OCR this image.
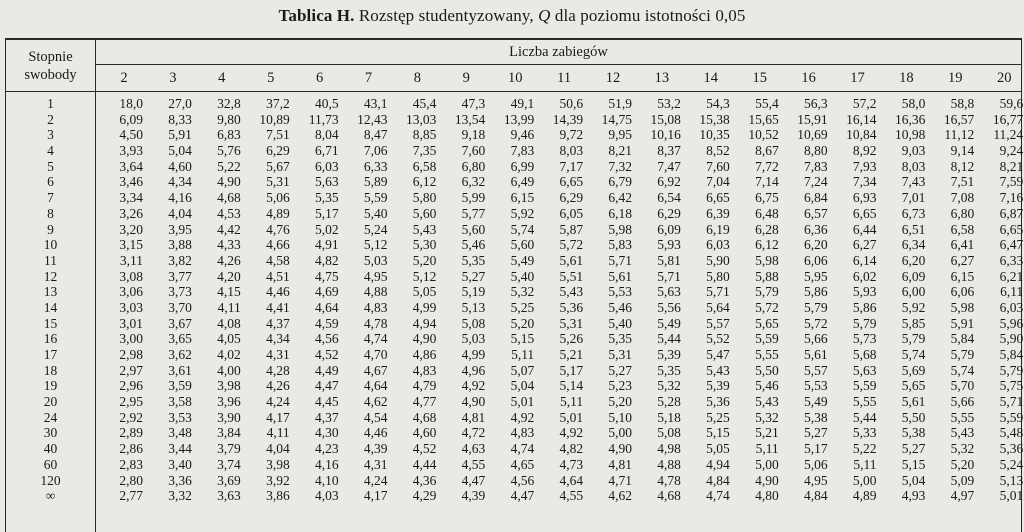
Tablica H. Rozstęp studentyzowany, Q dla poziomu istotności 0,05
Stopnie
swobody
Liczba zabiegów
2	3	4	5	6	7	8	9	10 11 12 13 14 15 16 17 18 19 20
1	18,0	27,0	32,8	37,2	40,5	43,1	45,4	47,3	49,1	50,6	51,9	53,2	54,3	55,4	56,3	57,2	58,0	58,8	59,6
2	6,09	8,33	9,80	10,89	11,73	12,43	13,03	13,54	13,99	14,39	14,75	15,08	15,38	15,65	15,91	16,14	16,36	16,57	16,77
3	4,50	5,91	6,83	7,51	8,04	8,47	8,85	9,18	9,46	9,72	9,95	10,16	10,35	10,52	10,69	10,84	10,98	11,12	11,24
4	3,93	5,04	5,76	6,29	6,71	7,06	7,35	7,60	7,83	8,03	8,21	8,37	8,52	8,67	8,80	8,92	9,03	9,14	9,24
5	3,64	4,60	5,22	5,67	6,03	6,33	6,58	6,80	6,99	7,17	7,32	7,47	7,60	7,72	7,83	7,93	8,03	8,12	8,21
6	3,46	4,34	4,90	5,31	5,63	5,89	6,12	6,32	6,49	6,65	6,79	6,92	7,04	7,14	7,24	7,34	7,43	7,51	7,59
7	3,34	4,16	4,68	5,06	5,35	5,59	5,80	5,99	6,15	6,29	6,42	6,54	6,65	6,75	6,84	6,93	7,01	7,08	7,16
8	3,26	4,04	4,53	4,89	5,17	5,40	5,60	5,77	5,92	6,05	6,18	6,29	6,39	6,48	6,57	6,65	6,73	6,80	6,87
9	3,20	3,95	4,42	4,76	5,02	5,24	5,43	5,60	5,74	5,87	5,98	6,09	6,19	6,28	6,36	6,44	6,51	6,58	6,65
10	3,15	3,88	4,33	4,66	4,91	5,12	5,30	5,46	5,60	5,72	5,83	5,93	6,03	6,12	6,20	6,27	6,34	6,41	6,47
11	3,11	3,82	4,26	4,58	4,82	5,03	5,20	5,35	5,49	5,61	5,71	5,81	5,90	5,98	6,06	6,14	6,20	6,27	6,33
12	3,08	3,77	4,20	4,51	4,75	4,95	5,12	5,27	5,40	5,51	5,61	5,71	5,80	5,88	5,95	6,02	6,09	6,15	6,21
13	3,06	3,73	4,15	4,46	4,69	4,88	5,05	5,19	5,32	5,43	5,53	5,63	5,71	5,79	5,86	5,93	6,00	6,06	6,11
14	3,03	3,70	4,11	4,41	4,64	4,83	4,99	5,13	5,25	5,36	5,46	5,56	5,64	5,72	5,79	5,86	5,92	5,98	6,03
15	3,01	3,67	4,08	4,37	4,59	4,78	4,94	5,08	5,20	5,31	5,40	5,49	5,57	5,65	5,72	5,79	5,85	5,91	5,96
16	3,00	3,65	4,05	4,34	4,56	4,74	4,90	5,03	5,15	5,26	5,35	5,44	5,52	5,59	5,66	5,73	5,79	5,84	5,90
17	2,98	3,62	4,02	4,31	4,52	4,70	4,86	4,99	5,11	5,21	5,31	5,39	5,47	5,55	5,61	5,68	5,74	5,79	5,84
18	2,97	3,61	4,00	4,28	4,49	4,67	4,83	4,96	5,07	5,17	5,27	5,35	5,43	5,50	5,57	5,63	5,69	5,74	5,79
19	2,96	3,59	3,98	4,26	4,47	4,64	4,79	4,92	5,04	5,14	5,23	5,32	5,39	5,46	5,53	5,59	5,65	5,70	5,75
20	2,95	3,58	3,96	4,24	4,45	4,62	4,77	4,90	5,01	5,11	5,20	5,28	5,36	5,43	5,49	5,55	5,61	5,66	5,71
24	2,92	3,53	3,90	4,17	4,37	4,54	4,68	4,81	4,92	5,01	5,10	5,18	5,25	5,32	5,38	5,44	5,50	5,55	5,59
30	2,89	3,48	3,84	4,11	4,30	4,46	4,60	4,72	4,83	4,92	5,00	5,08	5,15	5,21	5,27	5,33	5,38	5,43	5,48
40	2,86	3,44	3,79	4,04	4,23	4,39	4,52	4,63	4,74	4,82	4,90	4,98	5,05	5,11	5,17	5,22	5,27	5,32	5,36
60	2,83	3,40	3,74	3,98	4,16	4,31	4,44	4,55	4,65	4,73	4,81	4,88	4,94	5,00	5,06	5,11	5,15	5,20	5,24
120	2,80	3,36	3,69	3,92	4,10	4,24	4,36	4,47	4,56	4,64	4,71	4,78	4,84	4,90	4,95	5,00	5,04	5,09	5,13
∞	2,77	3,32	3,63	3,86	4,03	4,17	4,29	4,39	4,47	4,55	4,62	4,68	4,74	4,80	4,84	4,89	4,93	4,97	5,01
